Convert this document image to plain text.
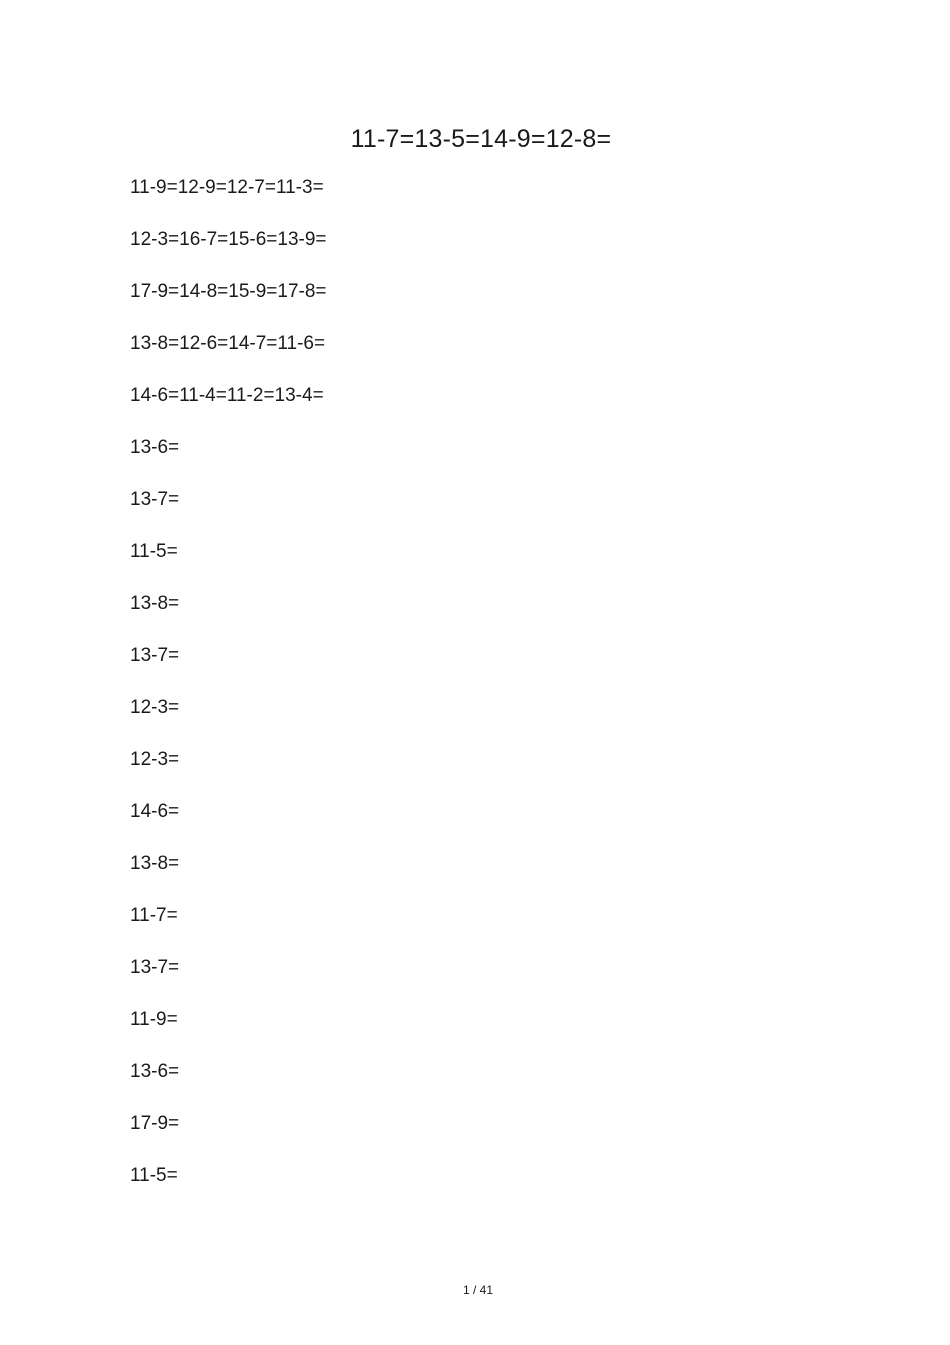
11-7=13-5=14-9=12-8=
11-9=12-9=12-7=11-3=
12-3=16-7=15-6=13-9=
17-9=14-8=15-9=17-8=
13-8=12-6=14-7=11-6=
14-6=11-4=11-2=13-4=
13-6=
13-7=
11-5=
13-8=
13-7=
12-3=
12-3=
14-6=
13-8=
11-7=
13-7=
11-9=
13-6=
17-9=
11-5=
1 / 41
